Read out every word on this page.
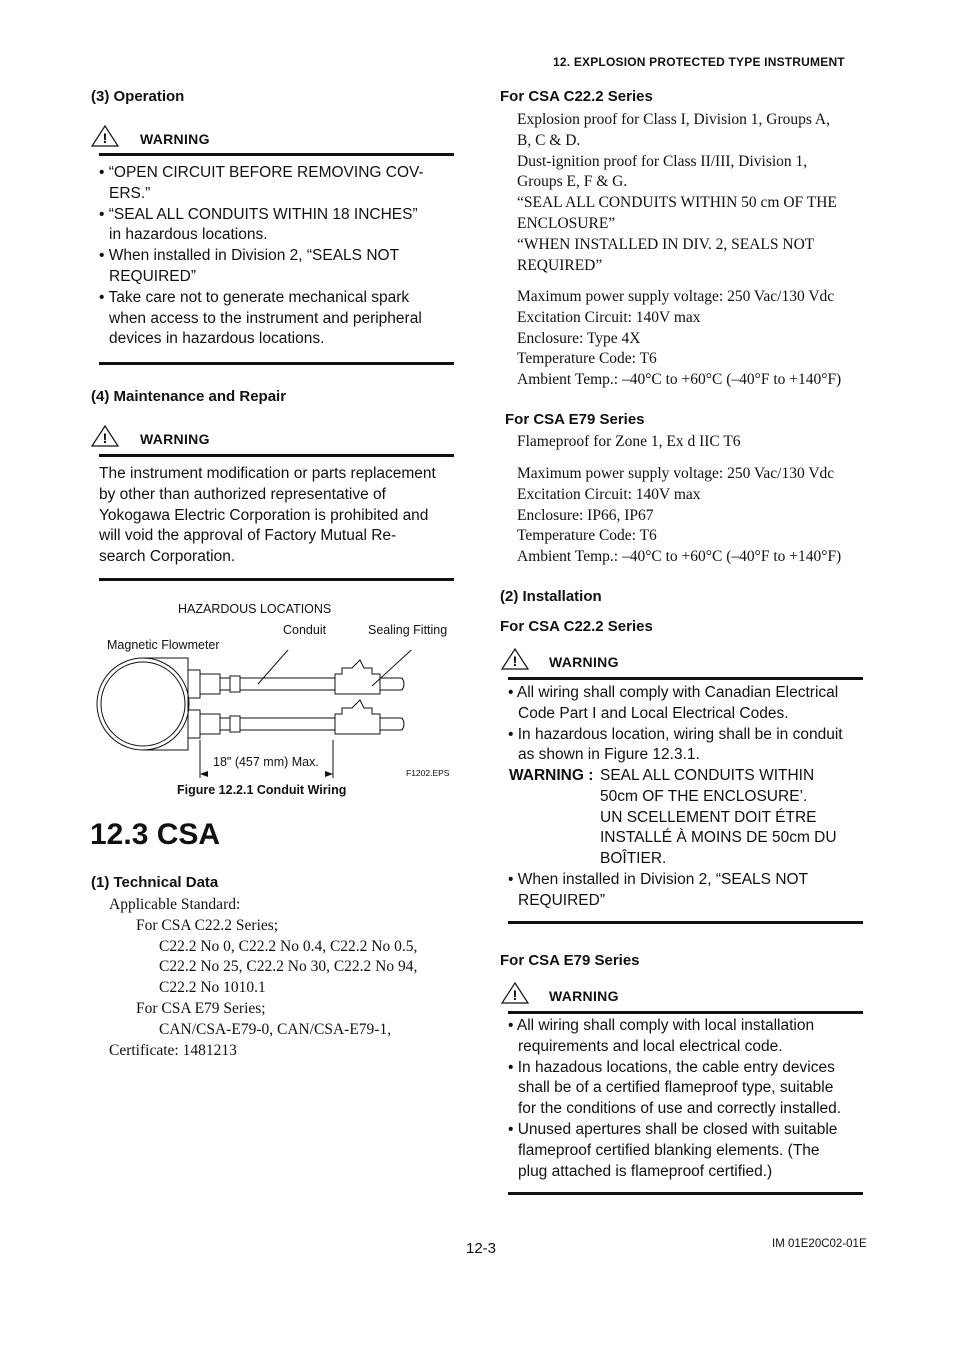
12. EXPLOSION PROTECTED TYPE INSTRUMENT
(3) Operation
! WARNING
• “OPEN CIRCUIT BEFORE REMOVING COV-
ERS.”
• “SEAL ALL CONDUITS WITHIN 18 INCHES”
in hazardous locations.
• When installed in Division 2, “SEALS NOT
REQUIRED”
• Take care not to generate mechanical spark
when access to the instrument and peripheral
devices in hazardous locations.
(4) Maintenance and Repair
! WARNING
The instrument modification or parts replacement
by other than authorized representative of
Yokogawa Electric Corporation is prohibited and
will void the approval of Factory Mutual Re-
search Corporation.
HAZARDOUS LOCATIONS
Conduit	Sealing Fitting
Magnetic Flowmeter
18" (457 mm) Max.
F1202.EPS
Figure 12.2.1 Conduit Wiring
12.3 CSA
(1) Technical Data
Applicable Standard:
For CSA C22.2 Series;
C22.2 No 0, C22.2 No 0.4, C22.2 No 0.5,
C22.2 No 25, C22.2 No 30, C22.2 No 94,
C22.2 No 1010.1
For CSA E79 Series;
CAN/CSA-E79-0, CAN/CSA-E79-1,
Certificate: 1481213
For CSA C22.2 Series
Explosion proof for Class I, Division 1, Groups A,
B, C & D.
Dust-ignition proof for Class II/III, Division 1,
Groups E, F & G.
“SEAL ALL CONDUITS WITHIN 50 cm OF THE
ENCLOSURE”
“WHEN INSTALLED IN DIV. 2, SEALS NOT
REQUIRED”
Maximum power supply voltage: 250 Vac/130 Vdc
Excitation Circuit: 140V max
Enclosure: Type 4X
Temperature Code: T6
Ambient Temp.: –40°C to +60°C (–40°F to +140°F)
For CSA E79 Series
Flameproof for Zone 1, Ex d IIC T6
Maximum power supply voltage: 250 Vac/130 Vdc
Excitation Circuit: 140V max
Enclosure: IP66, IP67
Temperature Code: T6
Ambient Temp.: –40°C to +60°C (–40°F to +140°F)
(2) Installation
For CSA C22.2 Series
! WARNING
• All wiring shall comply with Canadian Electrical
Code Part I and Local Electrical Codes.
• In hazardous location, wiring shall be in conduit
as shown in Figure 12.3.1.
WARNING : SEAL ALL CONDUITS WITHIN
50cm OF THE ENCLOSURE’.
UN SCELLEMENT DOIT ÉTRE
INSTALLÉ À MOINS DE 50cm DU
BOÎTIER.
• When installed in Division 2, “SEALS NOT
REQUIRED”
For CSA E79 Series
! WARNING
• All wiring shall comply with local installation
requirements and local electrical code.
• In hazadous locations, the cable entry devices
shall be of a certified flameproof type, suitable
for the conditions of use and correctly installed.
• Unused apertures shall be closed with suitable
flameproof certified blanking elements. (The
plug attached is flameproof certified.)
12-3	IM 01E20C02-01E
